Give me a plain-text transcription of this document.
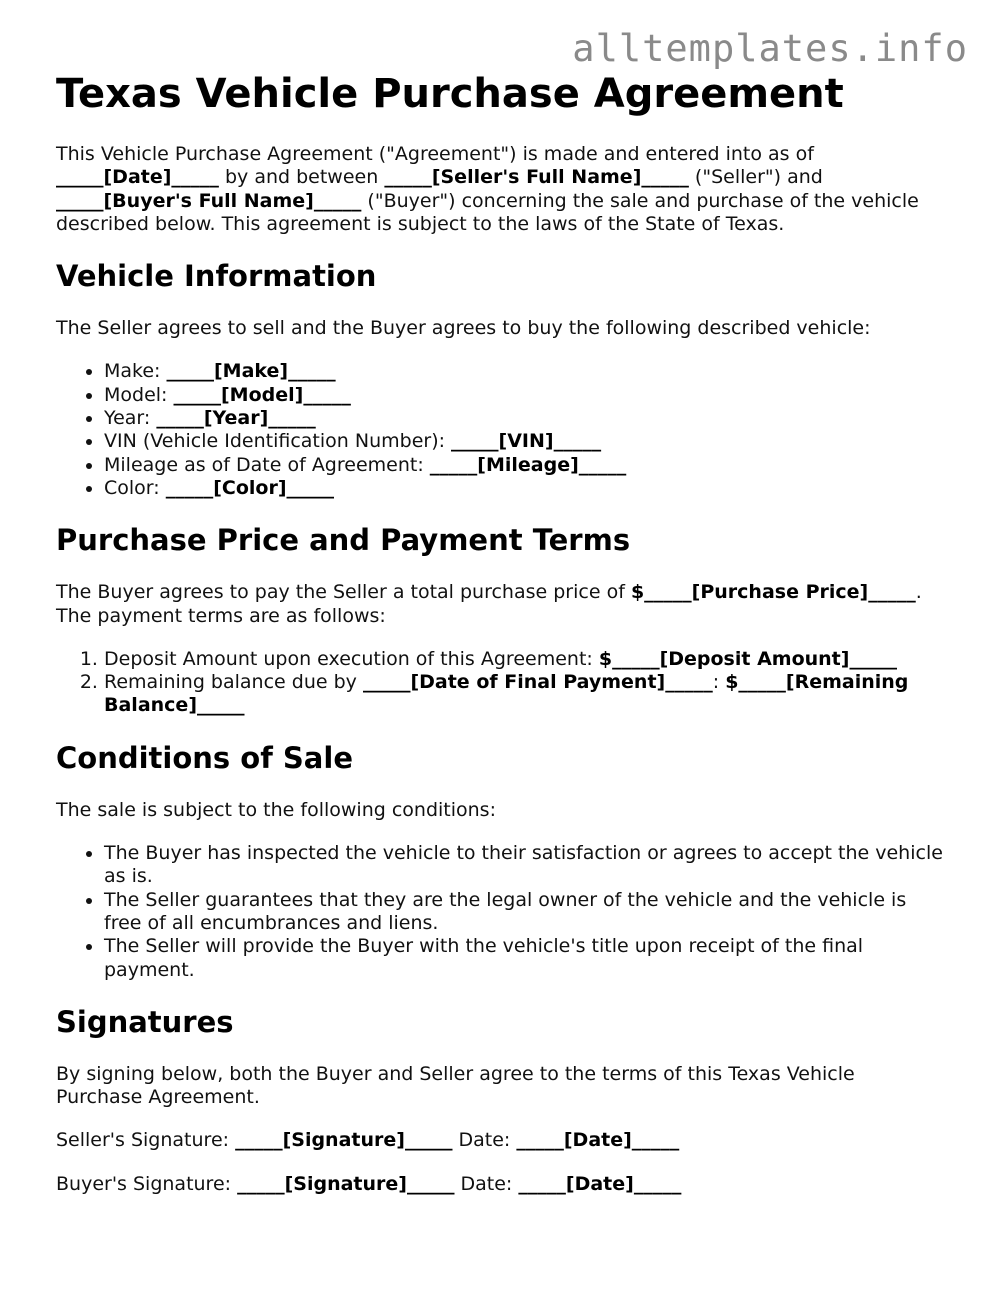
alltemplates.info
Texas Vehicle Purchase Agreement

This Vehicle Purchase Agreement ("Agreement") is made and entered into as of _____[Date]_____ by and between _____[Seller's Full Name]_____ ("Seller") and _____[Buyer's Full Name]_____ ("Buyer") concerning the sale and purchase of the vehicle described below. This agreement is subject to the laws of the State of Texas.

Vehicle Information

The Seller agrees to sell and the Buyer agrees to buy the following described vehicle:

• Make: _____[Make]_____
• Model: _____[Model]_____
• Year: _____[Year]_____
• VIN (Vehicle Identification Number): _____[VIN]_____
• Mileage as of Date of Agreement: _____[Mileage]_____
• Color: _____[Color]_____
Purchase Price and Payment Terms

The Buyer agrees to pay the Seller a total purchase price of $_____[Purchase Price]_____. The payment terms are as follows:

1. Deposit Amount upon execution of this Agreement: $_____[Deposit Amount]_____
2. Remaining balance due by _____[Date of Final Payment]_____: $_____[Remaining Balance]_____
Conditions of Sale

The sale is subject to the following conditions:

• The Buyer has inspected the vehicle to their satisfaction or agrees to accept the vehicle as is.
• The Seller guarantees that they are the legal owner of the vehicle and the vehicle is free of all encumbrances and liens.
• The Seller will provide the Buyer with the vehicle's title upon receipt of the final payment.
Signatures

By signing below, both the Buyer and Seller agree to the terms of this Texas Vehicle Purchase Agreement.

Seller's Signature: _____[Signature]_____ Date: _____[Date]_____

Buyer's Signature: _____[Signature]_____ Date: _____[Date]_____
